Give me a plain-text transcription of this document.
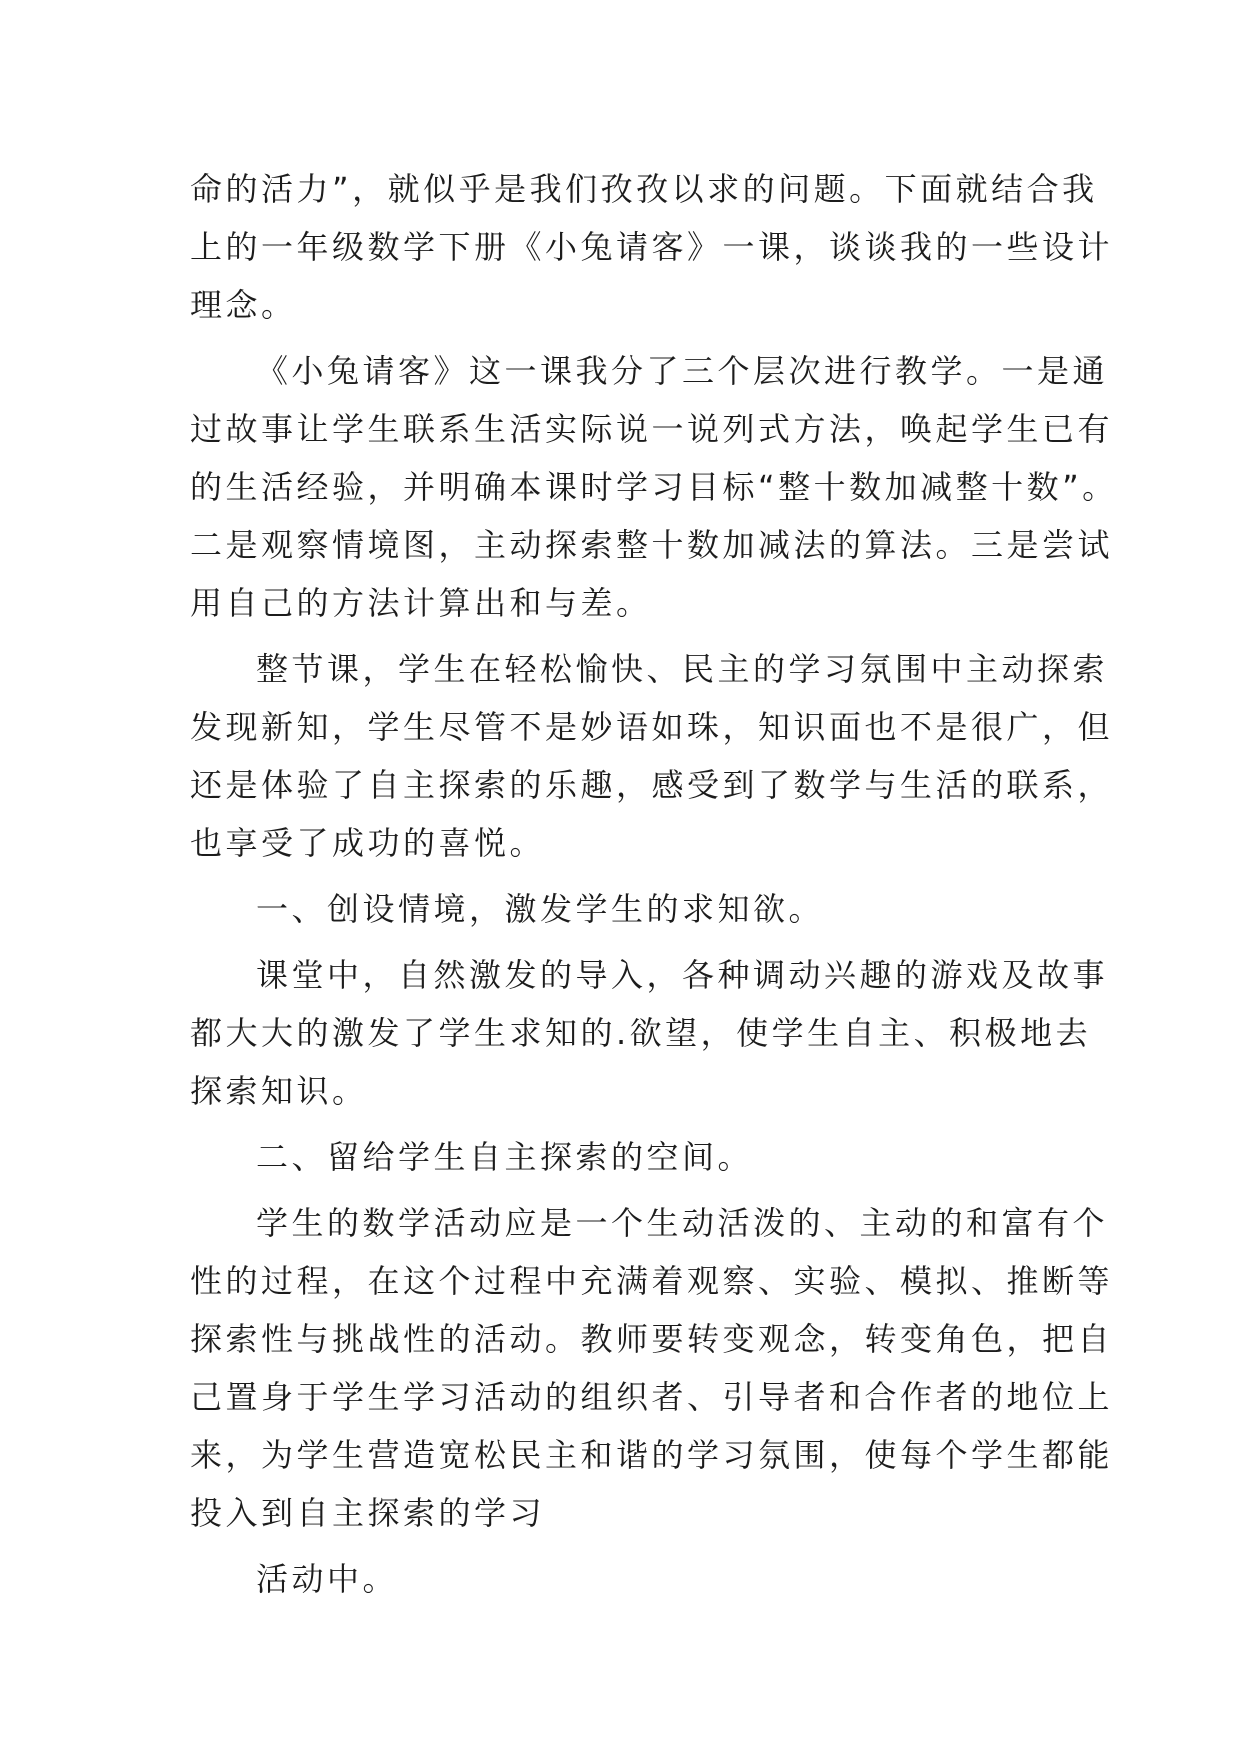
命的活力”，就似乎是我们孜孜以求的问题。下面就结合我
上的一年级数学下册《小兔请客》一课，谈谈我的一些设计
理念。
《小兔请客》这一课我分了三个层次进行教学。一是通
过故事让学生联系生活实际说一说列式方法，唤起学生已有
的生活经验，并明确本课时学习目标“整十数加减整十数”。
二是观察情境图，主动探索整十数加减法的算法。三是尝试
用自己的方法计算出和与差。
整节课，学生在轻松愉快、民主的学习氛围中主动探索
发现新知，学生尽管不是妙语如珠，知识面也不是很广，但
还是体验了自主探索的乐趣，感受到了数学与生活的联系，
也享受了成功的喜悦。
一、创设情境，激发学生的求知欲。
课堂中，自然激发的导入，各种调动兴趣的游戏及故事
都大大的激发了学生求知的.欲望，使学生自主、积极地去
探索知识。
二、留给学生自主探索的空间。
学生的数学活动应是一个生动活泼的、主动的和富有个
性的过程，在这个过程中充满着观察、实验、模拟、推断等
探索性与挑战性的活动。教师要转变观念，转变角色，把自
己置身于学生学习活动的组织者、引导者和合作者的地位上
来，为学生营造宽松民主和谐的学习氛围，使每个学生都能
投入到自主探索的学习
活动中。
